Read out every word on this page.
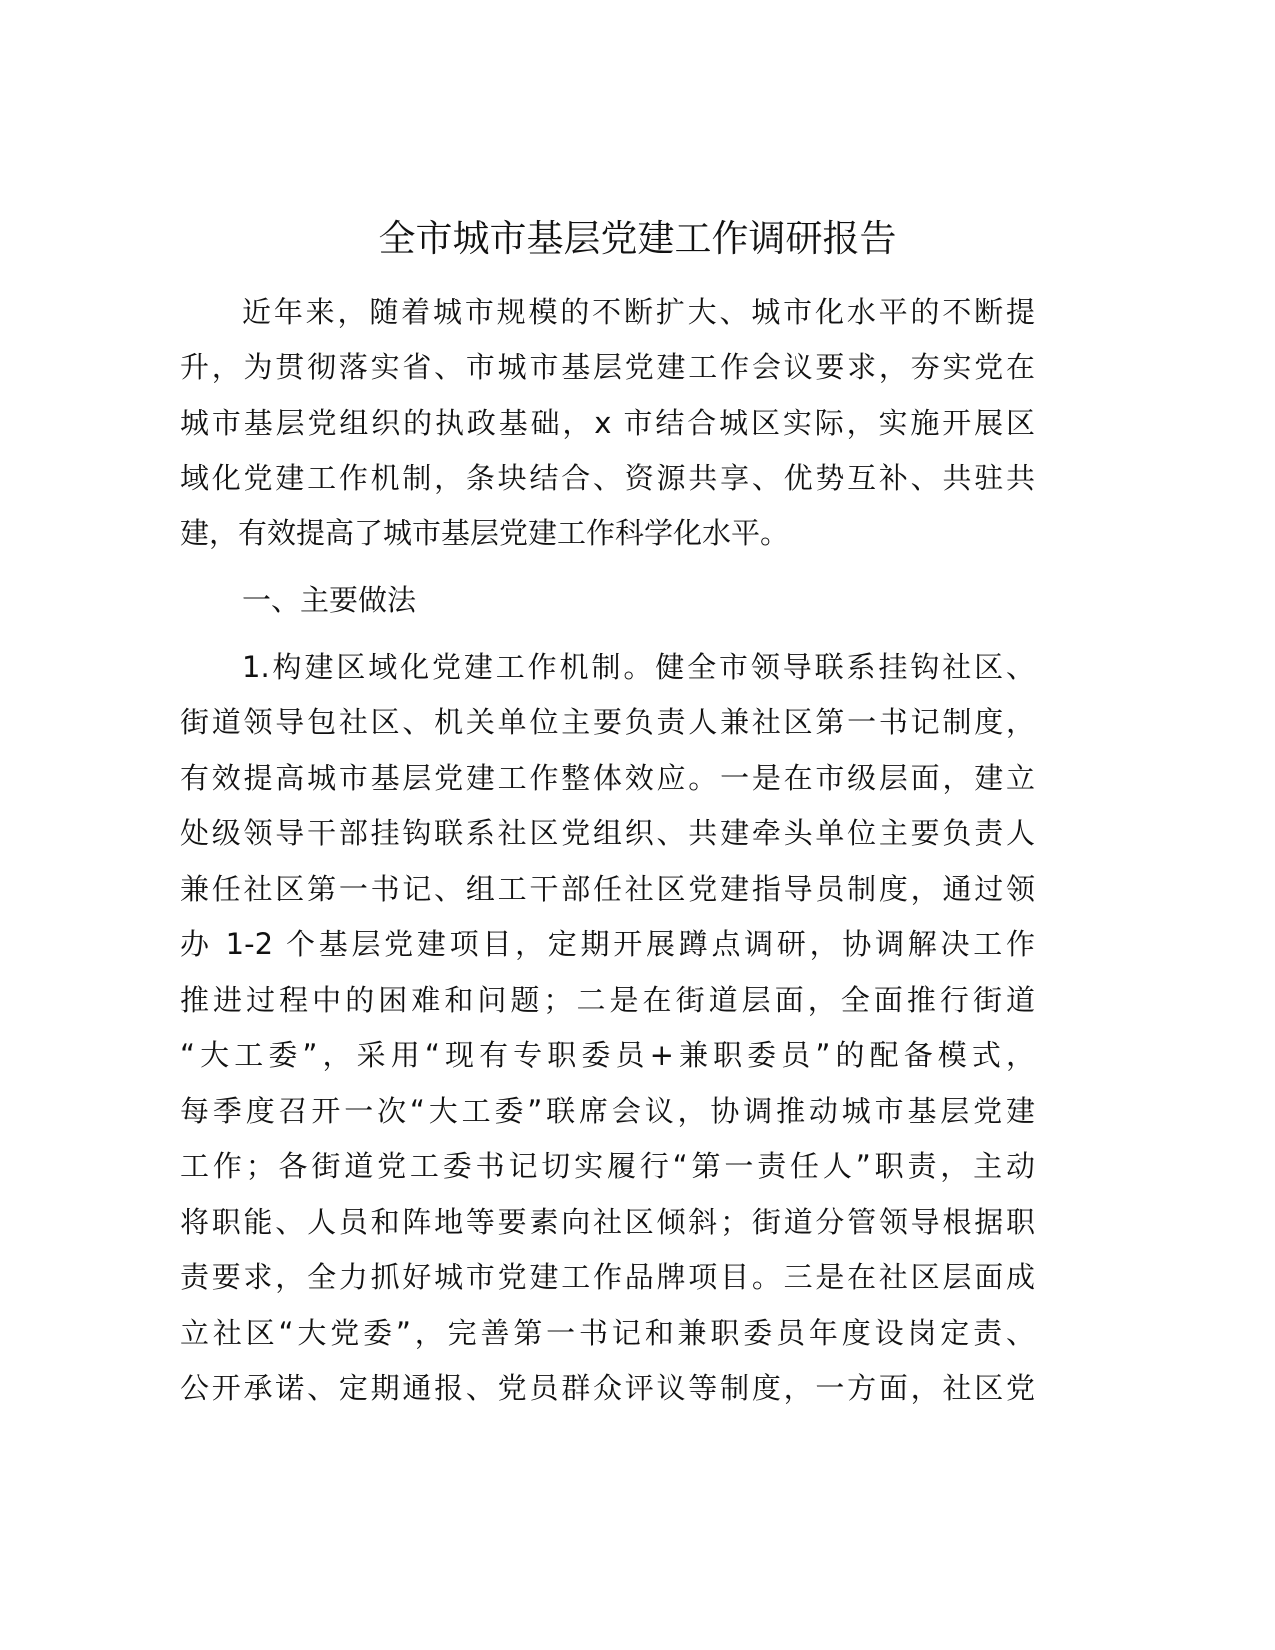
全市城市基层党建工作调研报告
近年来，随着城市规模的不断扩大、城市化水平的不断提
升，为贯彻落实省、市城市基层党建工作会议要求，夯实党在
城市基层党组织的执政基础，x 市结合城区实际，实施开展区
域化党建工作机制，条块结合、资源共享、优势互补、共驻共
建，有效提高了城市基层党建工作科学化水平。
一、主要做法
1.构建区域化党建工作机制。健全市领导联系挂钩社区、
街道领导包社区、机关单位主要负责人兼社区第一书记制度，
有效提高城市基层党建工作整体效应。一是在市级层面，建立
处级领导干部挂钩联系社区党组织、共建牵头单位主要负责人
兼任社区第一书记、组工干部任社区党建指导员制度，通过领
办 1-2 个基层党建项目，定期开展蹲点调研，协调解决工作
推进过程中的困难和问题；二是在街道层面，全面推行街道
“大工委”，采用“现有专职委员+兼职委员”的配备模式，
每季度召开一次“大工委”联席会议，协调推动城市基层党建
工作；各街道党工委书记切实履行“第一责任人”职责，主动
将职能、人员和阵地等要素向社区倾斜；街道分管领导根据职
责要求，全力抓好城市党建工作品牌项目。三是在社区层面成
立社区“大党委”，完善第一书记和兼职委员年度设岗定责、
公开承诺、定期通报、党员群众评议等制度，一方面，社区党
